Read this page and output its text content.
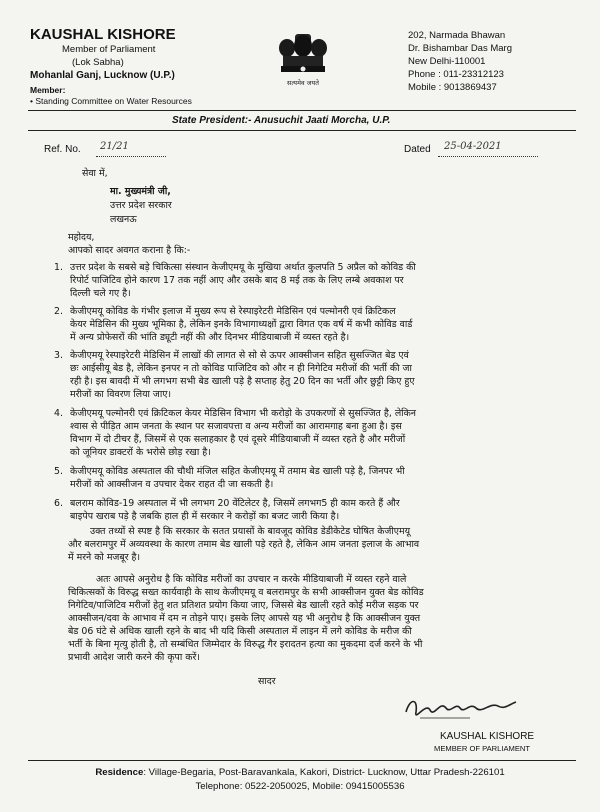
KAUSHAL KISHORE
Member of Parliament
(Lok Sabha)
Mohanlal Ganj, Lucknow (U.P.)
Member:
• Standing Committee on Water Resources
सत्यमेव जयते
202, Narmada Bhawan
Dr. Bishambar Das Marg
New Delhi-110001
Phone : 011-23312123
Mobile : 9013869437
State President:- Anusuchit Jaati Morcha, U.P.
Ref. No. 21/21	Dated 25-04-2021
सेवा में,
मा. मुख्यमंत्री जी,
उत्तर प्रदेश सरकार
लखनऊ
महोदय,
आपको सादर अवगत कराना है कि:-
1. उत्तर प्रदेश के सबसे बड़े चिकित्सा संस्थान केजीएमयू के मुखिया अर्थात कुलपति 5 अप्रैल को कोविड की
रिपोर्ट पाजिटिव होने कारण 17 तक नहीं आए और उसके बाद 8 मई तक के लिए लम्बे अवकाश पर
दिल्ली चले गए है।
2. केजीएमयू कोविड के गंभीर इलाज में मुख्य रूप से रेस्पाइरेटरी मेडिसिन एवं पल्मोनरी एवं क्रिटिकल
केयर मेडिसिन की मुख्य भूमिका है, लेकिन इनके विभागाध्यक्षों द्वारा विगत एक वर्ष में कभी कोविड वार्ड
में अन्य प्रोफेसरों की भांति ड्यूटी नहीं की और दिनभर मीडियाबाजी में व्यस्त रहते है।
3. केजीएमयू रेस्पाइरेटरी मेडिसिन में लाखों की लागत से सो से ऊपर आक्सीजन सहित सुसज्जित बेड एवं
छः आईसीयू बेड है, लेकिन इनपर न तो कोविड पाजिटिव को और न ही निगेटिव मरीजों की भर्ती की जा
रही है। इस बावदी में भी लगभग सभी बेड खाली पड़े है सप्ताह हेतु 20 दिन का भर्ती और छुट्टी किए हुए
मरीजों का विवरण लिया जाए।
4. केजीएमयू पल्मोनरी एवं क्रिटिकल केयर मेडिसिन विभाग भी करोड़ो के उपकरणों से सुसज्जित है, लेकिन
श्वास से पीड़ित आम जनता के स्थान पर सजावपत्ता व अन्य मरीजों का आरामगाह बना हुआ है। इस
विभाग में दो टीचर हैं, जिसमें से एक सलाहकार है एवं दूसरे मीडियाबाजी में व्यस्त रहते है और मरीजों
को जूनियर डाक्टरों के भरोसे छोड़ रखा है।
5. केजीएमयू कोविड अस्पताल की चौथी मंजिल सहित केजीएमयू में तमाम बेड खाली पड़े है, जिनपर भी
मरीजों को आक्सीजन व उपचार देकर राहत दी जा सकती है।
6. बलराम कोविड-19 अस्पताल में भी लगभग 20 वेंटिलेटर है, जिसमें लगभग5 ही काम करते हैं और
बाइपेप खराब पड़े है जबकि हाल ही में सरकार ने करोड़ों का बजट जारी किया है।
उक्त तथ्यों से स्पष्ट है कि सरकार के सतत प्रयासों के बावजूद कोविड डेडीकेटेड घोषित केजीएमयू
और बलरामपुर में अव्यवस्था के कारण तमाम बेड खाली पड़े रहते है, लेकिन आम जनता इलाज के आभाव
में मरने को मजबूर है।
अतः आपसे अनुरोध है कि कोविड मरीजों का उपचार न करके मीडियाबाजी में व्यस्त रहने वाले
चिकित्सकों के विरुद्ध सख्त कार्यवाही के साथ केजीएमयू व बलरामपुर के सभी आक्सीजन युक्त बेड कोविड
निगेटिव/पाजिटिव मरीजों हेतु शत प्रतिशत प्रयोग किया जाए, जिससे बेड खाली रहते कोई मरीज सड़क पर
आक्सीजन/दवा के आभाव में दम न तोड़ने पाए। इसके लिए आपसे यह भी अनुरोध है कि आक्सीजन युक्त
बेड 06 घंटे से अधिक खाली रहने के बाद भी यदि किसी अस्पताल में लाइन में लगे कोविड के मरीज की
भर्ती के बिना मृत्यु होती है, तो सम्बंधित जिम्मेदार के विरुद्ध गैर इरादतन हत्या का मुकदमा दर्ज करने के भी
प्रभावी आदेश जारी करने की कृपा करें।
सादर
KAUSHAL KISHORE
MEMBER OF PARLIAMENT
Residence: Village-Begaria, Post-Baravankala, Kakori, District- Lucknow, Uttar Pradesh-226101
Telephone: 0522-2050025, Mobile: 09415005536
